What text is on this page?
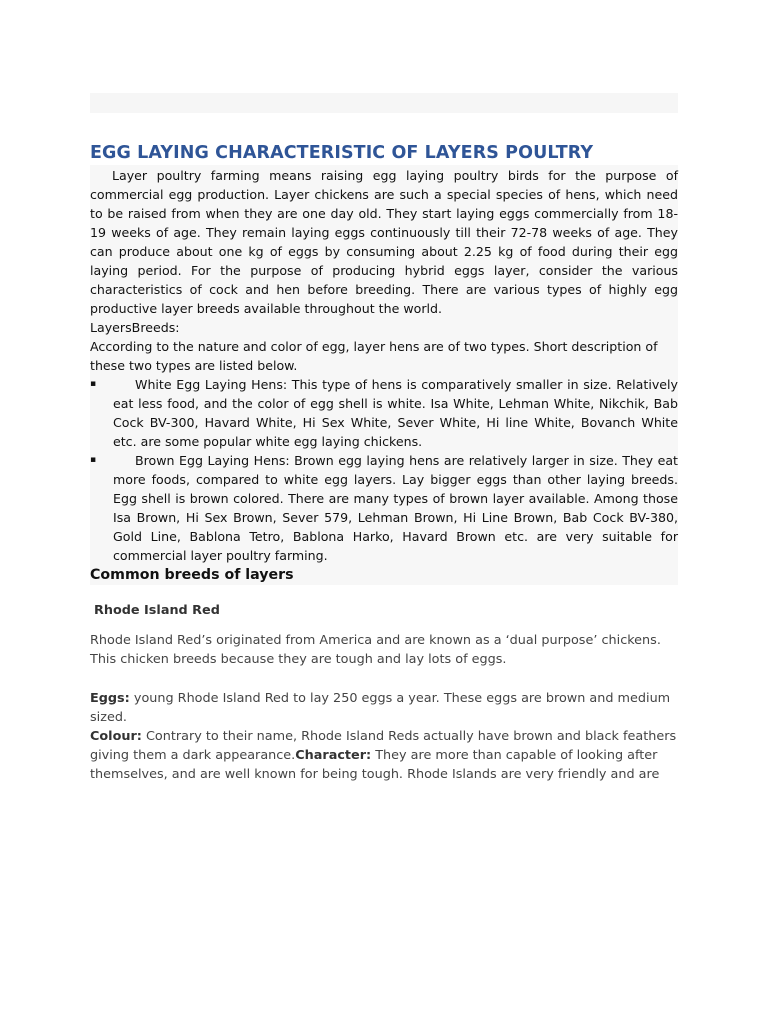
EGG LAYING CHARACTERISTIC OF LAYERS POULTRY

Layer poultry farming means raising egg laying poultry birds for the purpose of commercial egg production. Layer chickens are such a special species of hens, which need to be raised from when they are one day old. They start laying eggs commercially from 18-19 weeks of age. They remain laying eggs continuously till their 72-78 weeks of age. They can produce about one kg of eggs by consuming about 2.25 kg of food during their egg laying period. For the purpose of producing hybrid eggs layer, consider the various characteristics of cock and hen before breeding. There are various types of highly egg productive layer breeds available throughout the world.

LayersBreeds:

According to the nature and color of egg, layer hens are of two types. Short description of these two types are listed below.

▪	White Egg Laying Hens: This type of hens is comparatively smaller in size. Relatively eat less food, and the color of egg shell is white. Isa White, Lehman White, Nikchik, Bab Cock BV-300, Havard White, Hi Sex White, Sever White, Hi line White, Bovanch White etc. are some popular white egg laying chickens.

▪	Brown Egg Laying Hens: Brown egg laying hens are relatively larger in size. They eat more foods, compared to white egg layers. Lay bigger eggs than other laying breeds. Egg shell is brown colored. There are many types of brown layer available. Among those Isa Brown, Hi Sex Brown, Sever 579, Lehman Brown, Hi Line Brown, Bab Cock BV-380, Gold Line, Bablona Tetro, Bablona Harko, Havard Brown etc. are very suitable for commercial layer poultry farming.

Common breeds of layers
Rhode Island Red

Rhode Island Red’s originated from America and are known as a ‘dual purpose’ chickens. This chicken breeds because they are tough and lay lots of eggs.

Eggs: young Rhode Island Red to lay 250 eggs a year. These eggs are brown and medium sized.

Colour: Contrary to their name, Rhode Island Reds actually have brown and black feathers giving them a dark appearance.Character: They are more than capable of looking after themselves, and are well known for being tough. Rhode Islands are very friendly and are
